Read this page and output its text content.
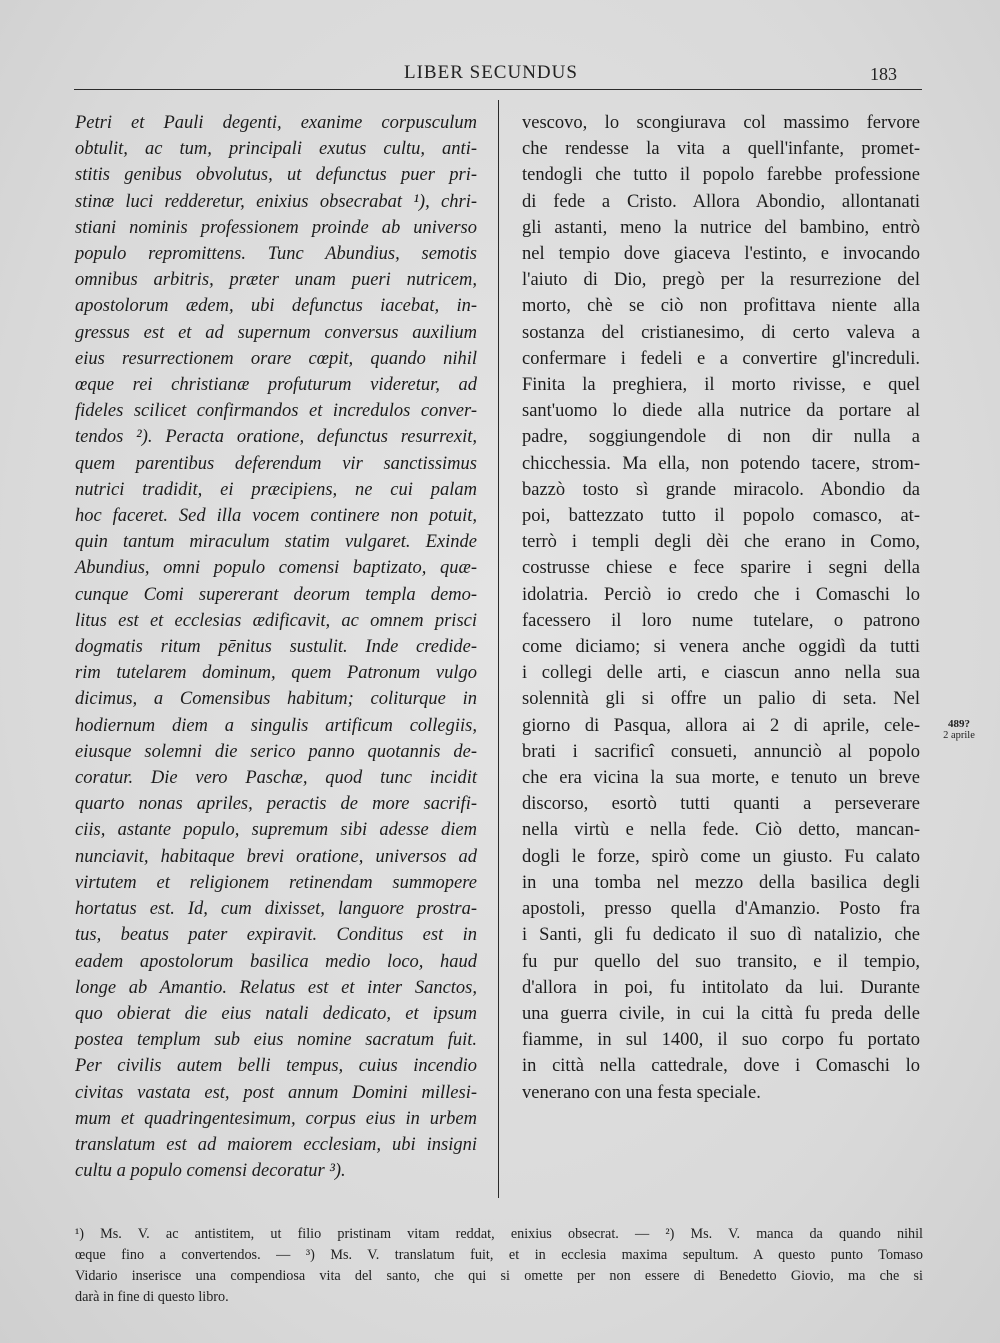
LIBER SECUNDUS	183
Petri et Pauli degenti, exanime corpusculum
obtulit, ac tum, principali exutus cultu, anti-
stitis genibus obvolutus, ut defunctus puer pri-
stinæ luci redderetur, enixius obsecrabat ¹), chri-
stiani nominis professionem proinde ab universo
populo repromittens. Tunc Abundius, semotis
omnibus arbitris, præter unam pueri nutricem,
apostolorum ædem, ubi defunctus iacebat, in-
gressus est et ad supernum conversus auxilium
eius resurrectionem orare cœpit, quando nihil
œque rei christianæ profuturum videretur, ad
fideles scilicet confirmandos et incredulos conver-
tendos ²). Peracta oratione, defunctus resurrexit,
quem parentibus deferendum vir sanctissimus
nutrici tradidit, ei præcipiens, ne cui palam
hoc faceret. Sed illa vocem continere non potuit,
quin tantum miraculum statim vulgaret. Exinde
Abundius, omni populo comensi baptizato, quæ-
cunque Comi supererant deorum templa demo-
litus est et ecclesias ædificavit, ac omnem prisci
dogmatis ritum pēnitus sustulit. Inde credide-
rim tutelarem dominum, quem Patronum vulgo
dicimus, a Comensibus habitum; coliturque in
hodiernum diem a singulis artificum collegiis,
eiusque solemni die serico panno quotannis de-
coratur. Die vero Paschæ, quod tunc incidit
quarto nonas apriles, peractis de more sacrifi-
ciis, astante populo, supremum sibi adesse diem
nunciavit, habitaque brevi oratione, universos ad
virtutem et religionem retinendam summopere
hortatus est. Id, cum dixisset, languore prostra-
tus, beatus pater expiravit. Conditus est in
eadem apostolorum basilica medio loco, haud
longe ab Amantio. Relatus est et inter Sanctos,
quo obierat die eius natali dedicato, et ipsum
postea templum sub eius nomine sacratum fuit.
Per civilis autem belli tempus, cuius incendio
civitas vastata est, post annum Domini millesi-
mum et quadringentesimum, corpus eius in urbem
translatum est ad maiorem ecclesiam, ubi insigni
cultu a populo comensi decoratur ³).
vescovo, lo scongiurava col massimo fervore
che rendesse la vita a quell'infante, promet-
tendogli che tutto il popolo farebbe professione
di fede a Cristo. Allora Abondio, allontanati
gli astanti, meno la nutrice del bambino, entrò
nel tempio dove giaceva l'estinto, e invocando
l'aiuto di Dio, pregò per la resurrezione del
morto, chè se ciò non profittava niente alla
sostanza del cristianesimo, di certo valeva a
confermare i fedeli e a convertire gl'increduli.
Finita la preghiera, il morto rivisse, e quel
sant'uomo lo diede alla nutrice da portare al
padre, soggiungendole di non dir nulla a
chicchessia. Ma ella, non potendo tacere, strom-
bazzò tosto sì grande miracolo. Abondio da
poi, battezzato tutto il popolo comasco, at-
terrò i templi degli dèi che erano in Como,
costrusse chiese e fece sparire i segni della
idolatria. Perciò io credo che i Comaschi lo
facessero il loro nume tutelare, o patrono
come diciamo; si venera anche oggidì da tutti
i collegi delle arti, e ciascun anno nella sua
solennità gli si offre un palio di seta. Nel
giorno di Pasqua, allora ai 2 di aprile, cele-
brati i sacrificî consueti, annunciò al popolo
che era vicina la sua morte, e tenuto un breve
discorso, esortò tutti quanti a perseverare
nella virtù e nella fede. Ciò detto, mancan-
dogli le forze, spirò come un giusto. Fu calato
in una tomba nel mezzo della basilica degli
apostoli, presso quella d'Amanzio. Posto fra
i Santi, gli fu dedicato il suo dì natalizio, che
fu pur quello del suo transito, e il tempio,
d'allora in poi, fu intitolato da lui. Durante
una guerra civile, in cui la città fu preda delle
fiamme, in sul 1400, il suo corpo fu portato
in città nella cattedrale, dove i Comaschi lo
venerano con una festa speciale.
489?
2 aprile
¹) Ms. V. ac antistitem, ut filio pristinam vitam reddat, enixius obsecrat. — ²) Ms. V. manca da quando nihil
œque fino a convertendos. — ³) Ms. V. translatum fuit, et in ecclesia maxima sepultum. A questo punto Tomaso
Vidario inserisce una compendiosa vita del santo, che qui si omette per non essere di Benedetto Giovio, ma che si
darà in fine di questo libro.
